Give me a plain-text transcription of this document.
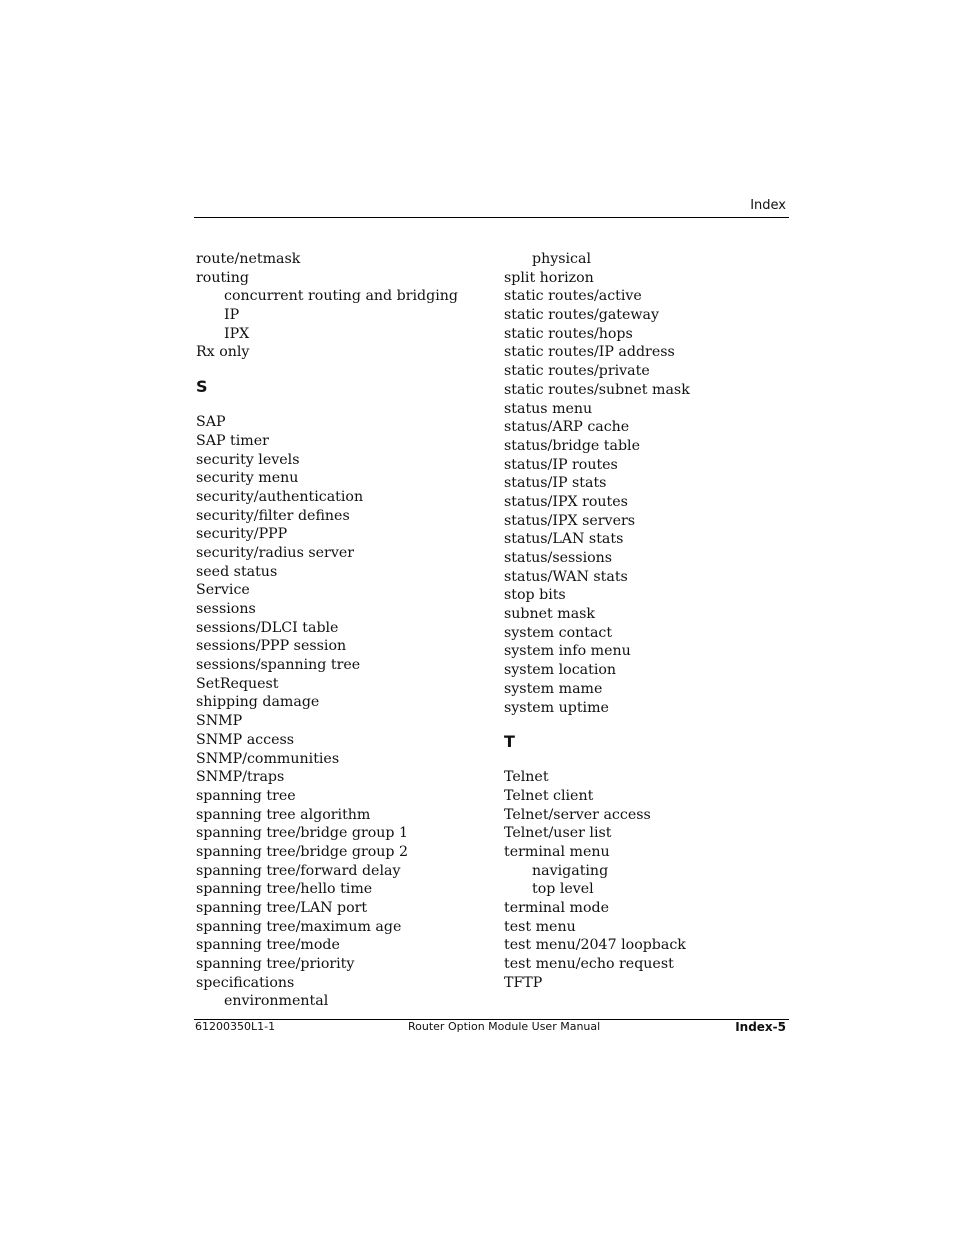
Index
route/netmask
routing
concurrent routing and bridging
IP
IPX
Rx only
S
SAP
SAP timer
security levels
security menu
security/authentication
security/filter defines
security/PPP
security/radius server
seed status
Service
sessions
sessions/DLCI table
sessions/PPP session
sessions/spanning tree
SetRequest
shipping damage
SNMP
SNMP access
SNMP/communities
SNMP/traps
spanning tree
spanning tree algorithm
spanning tree/bridge group 1
spanning tree/bridge group 2
spanning tree/forward delay
spanning tree/hello time
spanning tree/LAN port
spanning tree/maximum age
spanning tree/mode
spanning tree/priority
specifications
environmental
physical
split horizon
static routes/active
static routes/gateway
static routes/hops
static routes/IP address
static routes/private
static routes/subnet mask
status menu
status/ARP cache
status/bridge table
status/IP routes
status/IP stats
status/IPX routes
status/IPX servers
status/LAN stats
status/sessions
status/WAN stats
stop bits
subnet mask
system contact
system info menu
system location
system mame
system uptime
T
Telnet
Telnet client
Telnet/server access
Telnet/user list
terminal menu
navigating
top level
terminal mode
test menu
test menu/2047 loopback
test menu/echo request
TFTP
61200350L1-1	Router Option Module User Manual	Index-5
